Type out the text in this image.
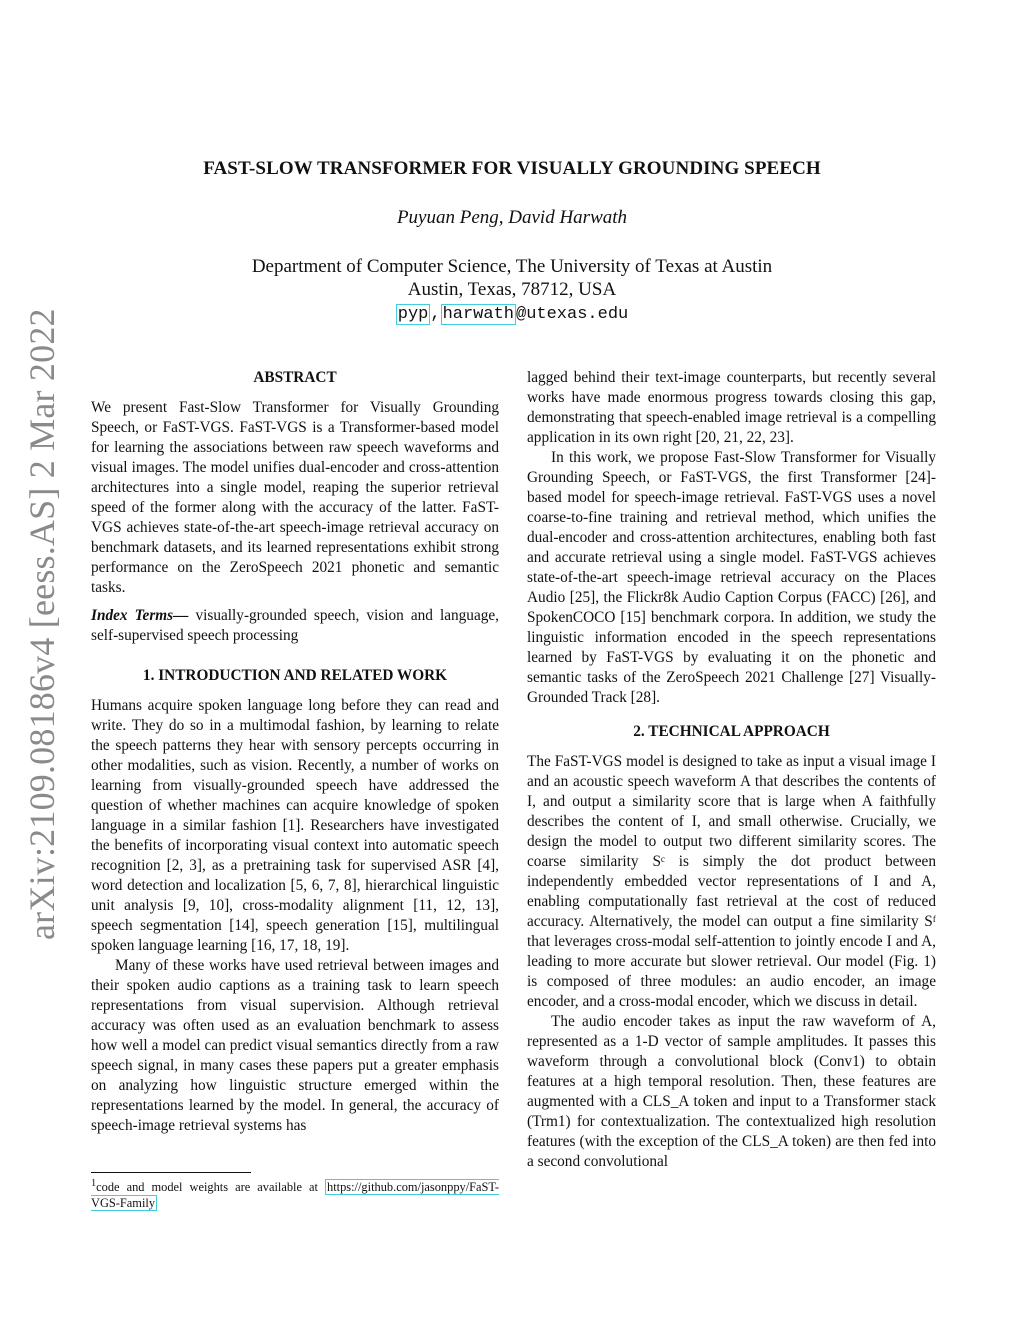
arXiv:2109.08186v4 [eess.AS] 2 Mar 2022
FAST-SLOW TRANSFORMER FOR VISUALLY GROUNDING SPEECH
Puyuan Peng, David Harwath
Department of Computer Science, The University of Texas at Austin
Austin, Texas, 78712, USA
pyp , harwath @utexas.edu

ABSTRACT

We present Fast-Slow Transformer for Visually Grounding Speech, or FaST-VGS. FaST-VGS is a Transformer-based model for learning the associations between raw speech waveforms and visual images. The model unifies dual-encoder and cross-attention architectures into a single model, reaping the superior retrieval speed of the former along with the accuracy of the latter. FaST-VGS achieves state-of-the-art speech-image retrieval accuracy on benchmark datasets, and its learned representations exhibit strong performance on the ZeroSpeech 2021 phonetic and semantic tasks.

Index Terms— visually-grounded speech, vision and language, self-supervised speech processing

1. INTRODUCTION AND RELATED WORK

Humans acquire spoken language long before they can read and write. They do so in a multimodal fashion, by learning to relate the speech patterns they hear with sensory percepts occurring in other modalities, such as vision. Recently, a number of works on learning from visually-grounded speech have addressed the question of whether machines can acquire knowledge of spoken language in a similar fashion [1]. Researchers have investigated the benefits of incorporating visual context into automatic speech recognition [2, 3], as a pretraining task for supervised ASR [4], word detection and localization [5, 6, 7, 8], hierarchical linguistic unit analysis [9, 10], cross-modality alignment [11, 12, 13], speech segmentation [14], speech generation [15], multilingual spoken language learning [16, 17, 18, 19].

Many of these works have used retrieval between images and their spoken audio captions as a training task to learn speech representations from visual supervision. Although retrieval accuracy was often used as an evaluation benchmark to assess how well a model can predict visual semantics directly from a raw speech signal, in many cases these papers put a greater emphasis on analyzing how linguistic structure emerged within the representations learned by the model. In general, the accuracy of speech-image retrieval systems has

$^1$code and model weights are available at https://github.com/jasonppy/FaST-VGS-Family

lagged behind their text-image counterparts, but recently several works have made enormous progress towards closing this gap, demonstrating that speech-enabled image retrieval is a compelling application in its own right [20, 21, 22, 23].

In this work, we propose Fast-Slow Transformer for Visually Grounding Speech, or FaST-VGS, the first Transformer [24]-based model for speech-image retrieval. FaST-VGS uses a novel coarse-to-fine training and retrieval method, which unifies the dual-encoder and cross-attention architectures, enabling both fast and accurate retrieval using a single model. FaST-VGS achieves state-of-the-art speech-image retrieval accuracy on the Places Audio [25], the Flickr8k Audio Caption Corpus (FACC) [26], and SpokenCOCO [15] benchmark corpora. In addition, we study the linguistic information encoded in the speech representations learned by FaST-VGS by evaluating it on the phonetic and semantic tasks of the ZeroSpeech 2021 Challenge [27] Visually-Grounded Track [28].

2. TECHNICAL APPROACH

The FaST-VGS model is designed to take as input a visual image I and an acoustic speech waveform A that describes the contents of I, and output a similarity score that is large when A faithfully describes the content of I, and small otherwise. Crucially, we design the model to output two different similarity scores. The coarse similarity Sᶜ is simply the dot product between independently embedded vector representations of I and A, enabling computationally fast retrieval at the cost of reduced accuracy. Alternatively, the model can output a fine similarity Sᶠ that leverages cross-modal self-attention to jointly encode I and A, leading to more accurate but slower retrieval. Our model (Fig. 1) is composed of three modules: an audio encoder, an image encoder, and a cross-modal encoder, which we discuss in detail.

The audio encoder takes as input the raw waveform of A, represented as a 1-D vector of sample amplitudes. It passes this waveform through a convolutional block (Conv1) to obtain features at a high temporal resolution. Then, these features are augmented with a CLS_A token and input to a Transformer stack (Trm1) for contextualization. The contextualized high resolution features (with the exception of the CLS_A token) are then fed into a second convolutional
